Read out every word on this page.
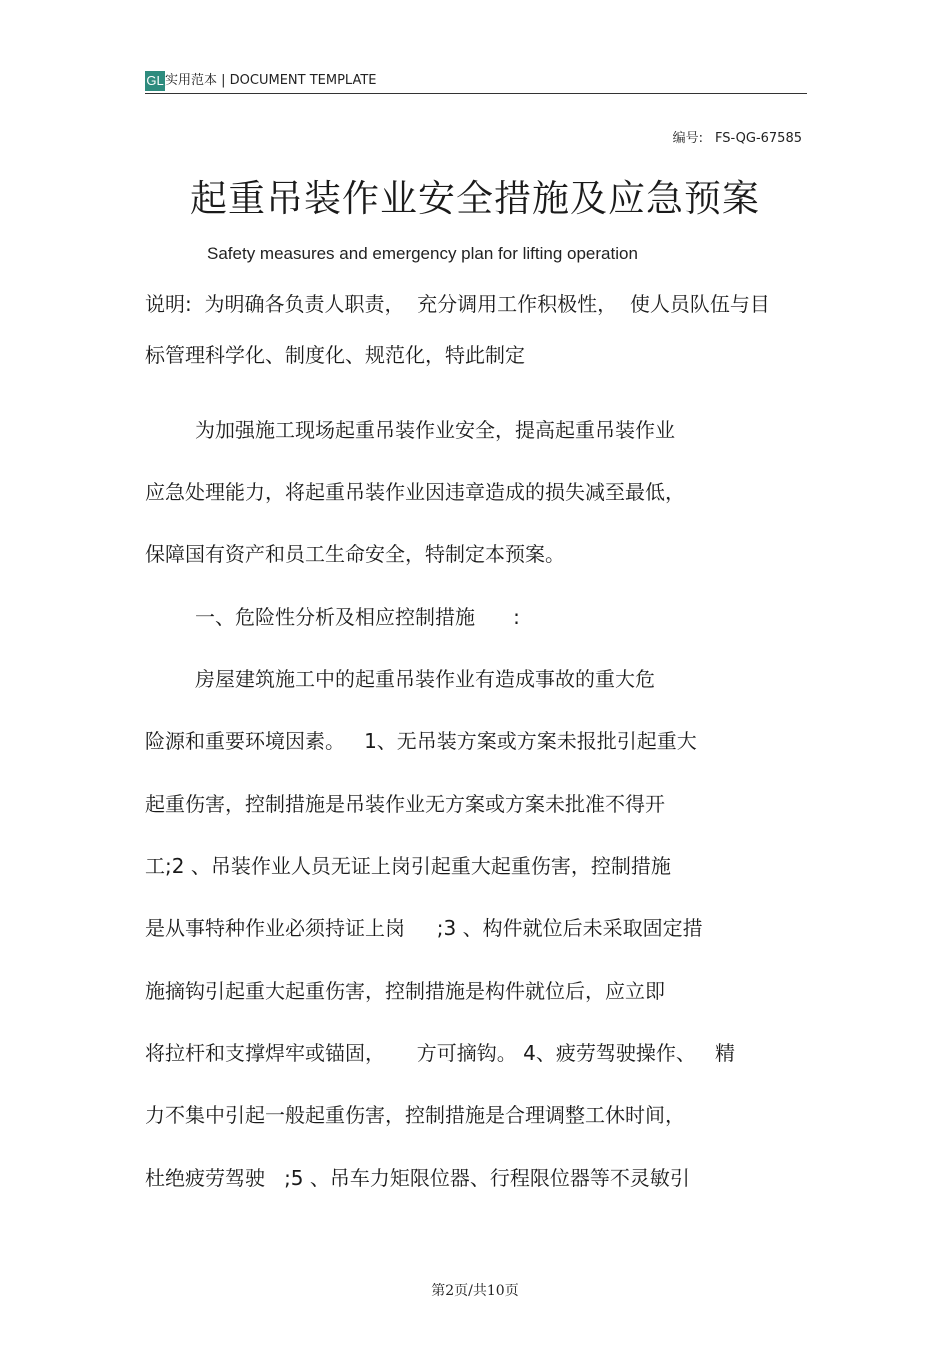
GL 实用范本 | DOCUMENT TEMPLATE
编号: FS-QG-67585
起重吊装作业安全措施及应急预案
Safety measures and emergency plan for lifting operation
说明:  为明确各负责人职责，  充分调用工作积极性，  使人员队伍与目
标管理科学化、制度化、规范化，特此制定
为加强施工现场起重吊装作业安全，提高起重吊装作业
应急处理能力，将起重吊装作业因违章造成的损失减至最低，
保障国有资产和员工生命安全，特制定本预案。
一、危险性分析及相应控制措施      :
房屋建筑施工中的起重吊装作业有造成事故的重大危
险源和重要环境因素。   1、无吊装方案或方案未报批引起重大
起重伤害，控制措施是吊装作业无方案或方案未批准不得开
工;2 、吊装作业人员无证上岗引起重大起重伤害，控制措施
是从事特种作业必须持证上岗     ;3 、构件就位后未采取固定措
施摘钩引起重大起重伤害，控制措施是构件就位后，应立即
将拉杆和支撑焊牢或锚固，     方可摘钩。 4、疲劳驾驶操作、   精
力不集中引起一般起重伤害，控制措施是合理调整工休时间，
杜绝疲劳驾驶   ;5 、吊车力矩限位器、行程限位器等不灵敏引
第2页/共10页
